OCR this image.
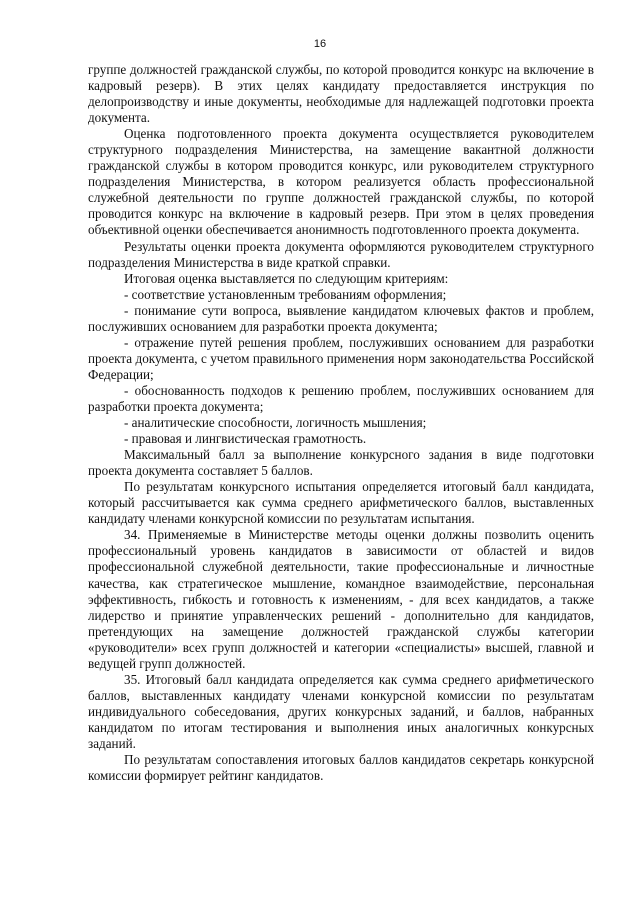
16

группе должностей гражданской службы, по которой проводится конкурс на включение в кадровый резерв). В этих целях кандидату предоставляется инструкция по делопроизводству и иные документы, необходимые для надлежащей подготовки проекта документа.

Оценка подготовленного проекта документа осуществляется руководителем структурного подразделения Министерства, на замещение вакантной должности гражданской службы в котором проводится конкурс, или руководителем структурного подразделения Министерства, в котором реализуется область профессиональной служебной деятельности по группе должностей гражданской службы, по которой проводится конкурс на включение в кадровый резерв. При этом в целях проведения объективной оценки обеспечивается анонимность подготовленного проекта документа.

Результаты оценки проекта документа оформляются руководителем структурного подразделения Министерства в виде краткой справки.

Итоговая оценка выставляется по следующим критериям:

- соответствие установленным требованиям оформления;

- понимание сути вопроса, выявление кандидатом ключевых фактов и проблем, послуживших основанием для разработки проекта документа;

- отражение путей решения проблем, послуживших основанием для разработки проекта документа, с учетом правильного применения норм законодательства Российской Федерации;

- обоснованность подходов к решению проблем, послуживших основанием для разработки проекта документа;

- аналитические способности, логичность мышления;

- правовая и лингвистическая грамотность.

Максимальный балл за выполнение конкурсного задания в виде подготовки проекта документа составляет 5 баллов.

По результатам конкурсного испытания определяется итоговый балл кандидата, который рассчитывается как сумма среднего арифметического баллов, выставленных кандидату членами конкурсной комиссии по результатам испытания.

34. Применяемые в Министерстве методы оценки должны позволить оценить профессиональный уровень кандидатов в зависимости от областей и видов профессиональной служебной деятельности, такие профессиональные и личностные качества, как стратегическое мышление, командное взаимодействие, персональная эффективность, гибкость и готовность к изменениям, - для всех кандидатов, а также лидерство и принятие управленческих решений - дополнительно для кандидатов, претендующих на замещение должностей гражданской службы категории «руководители» всех групп должностей и категории «специалисты» высшей, главной и ведущей групп должностей.

35. Итоговый балл кандидата определяется как сумма среднего арифметического баллов, выставленных кандидату членами конкурсной комиссии по результатам индивидуального собеседования, других конкурсных заданий, и баллов, набранных кандидатом по итогам тестирования и выполнения иных аналогичных конкурсных заданий.

По результатам сопоставления итоговых баллов кандидатов секретарь конкурсной комиссии формирует рейтинг кандидатов.
